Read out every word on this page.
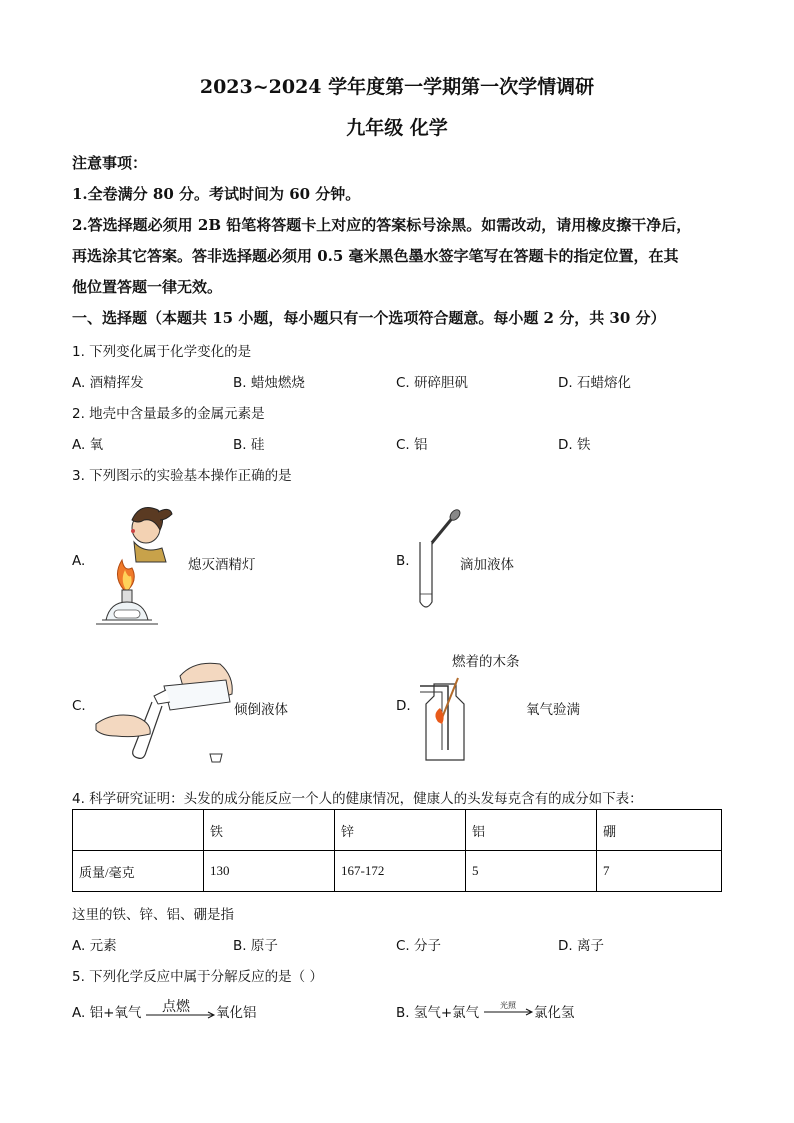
2023~2024 学年度第一学期第一次学情调研
九年级 化学
注意事项：
1.全卷满分 80 分。考试时间为 60 分钟。
2.答选择题必须用 2B 铅笔将答题卡上对应的答案标号涂黑。如需改动，请用橡皮擦干净后，
再选涂其它答案。答非选择题必须用 0.5 毫米黑色墨水签字笔写在答题卡的指定位置，在其
他位置答题一律无效。
一、选择题（本题共 15 小题，每小题只有一个选项符合题意。每小题 2 分，共 30 分）
1. 下列变化属于化学变化的是
A. 酒精挥发	B. 蜡烛燃烧	C. 研碎胆矾	D. 石蜡熔化
2. 地壳中含量最多的金属元素是
A. 氧	B. 硅	C. 铝	D. 铁
3. 下列图示的实验基本操作正确的是
A.	熄灭酒精灯	B.	滴加液体
C.	倾倒液体
燃着的木条
D.	氧气验满
4. 科学研究证明：头发的成分能反应一个人的健康情况，健康人的头发每克含有的成分如下表：
	铁	锌	铝	硼
质量/毫克	130	167-172	5	7
这里的铁、锌、铝、硼是指
A. 元素	B. 原子	C. 分子	D. 离子
5. 下列化学反应中属于分解反应的是（ ）
A. 铝+氧气 点燃 氧化铝	B. 氢气+氯气	光照 → 氯化氢
